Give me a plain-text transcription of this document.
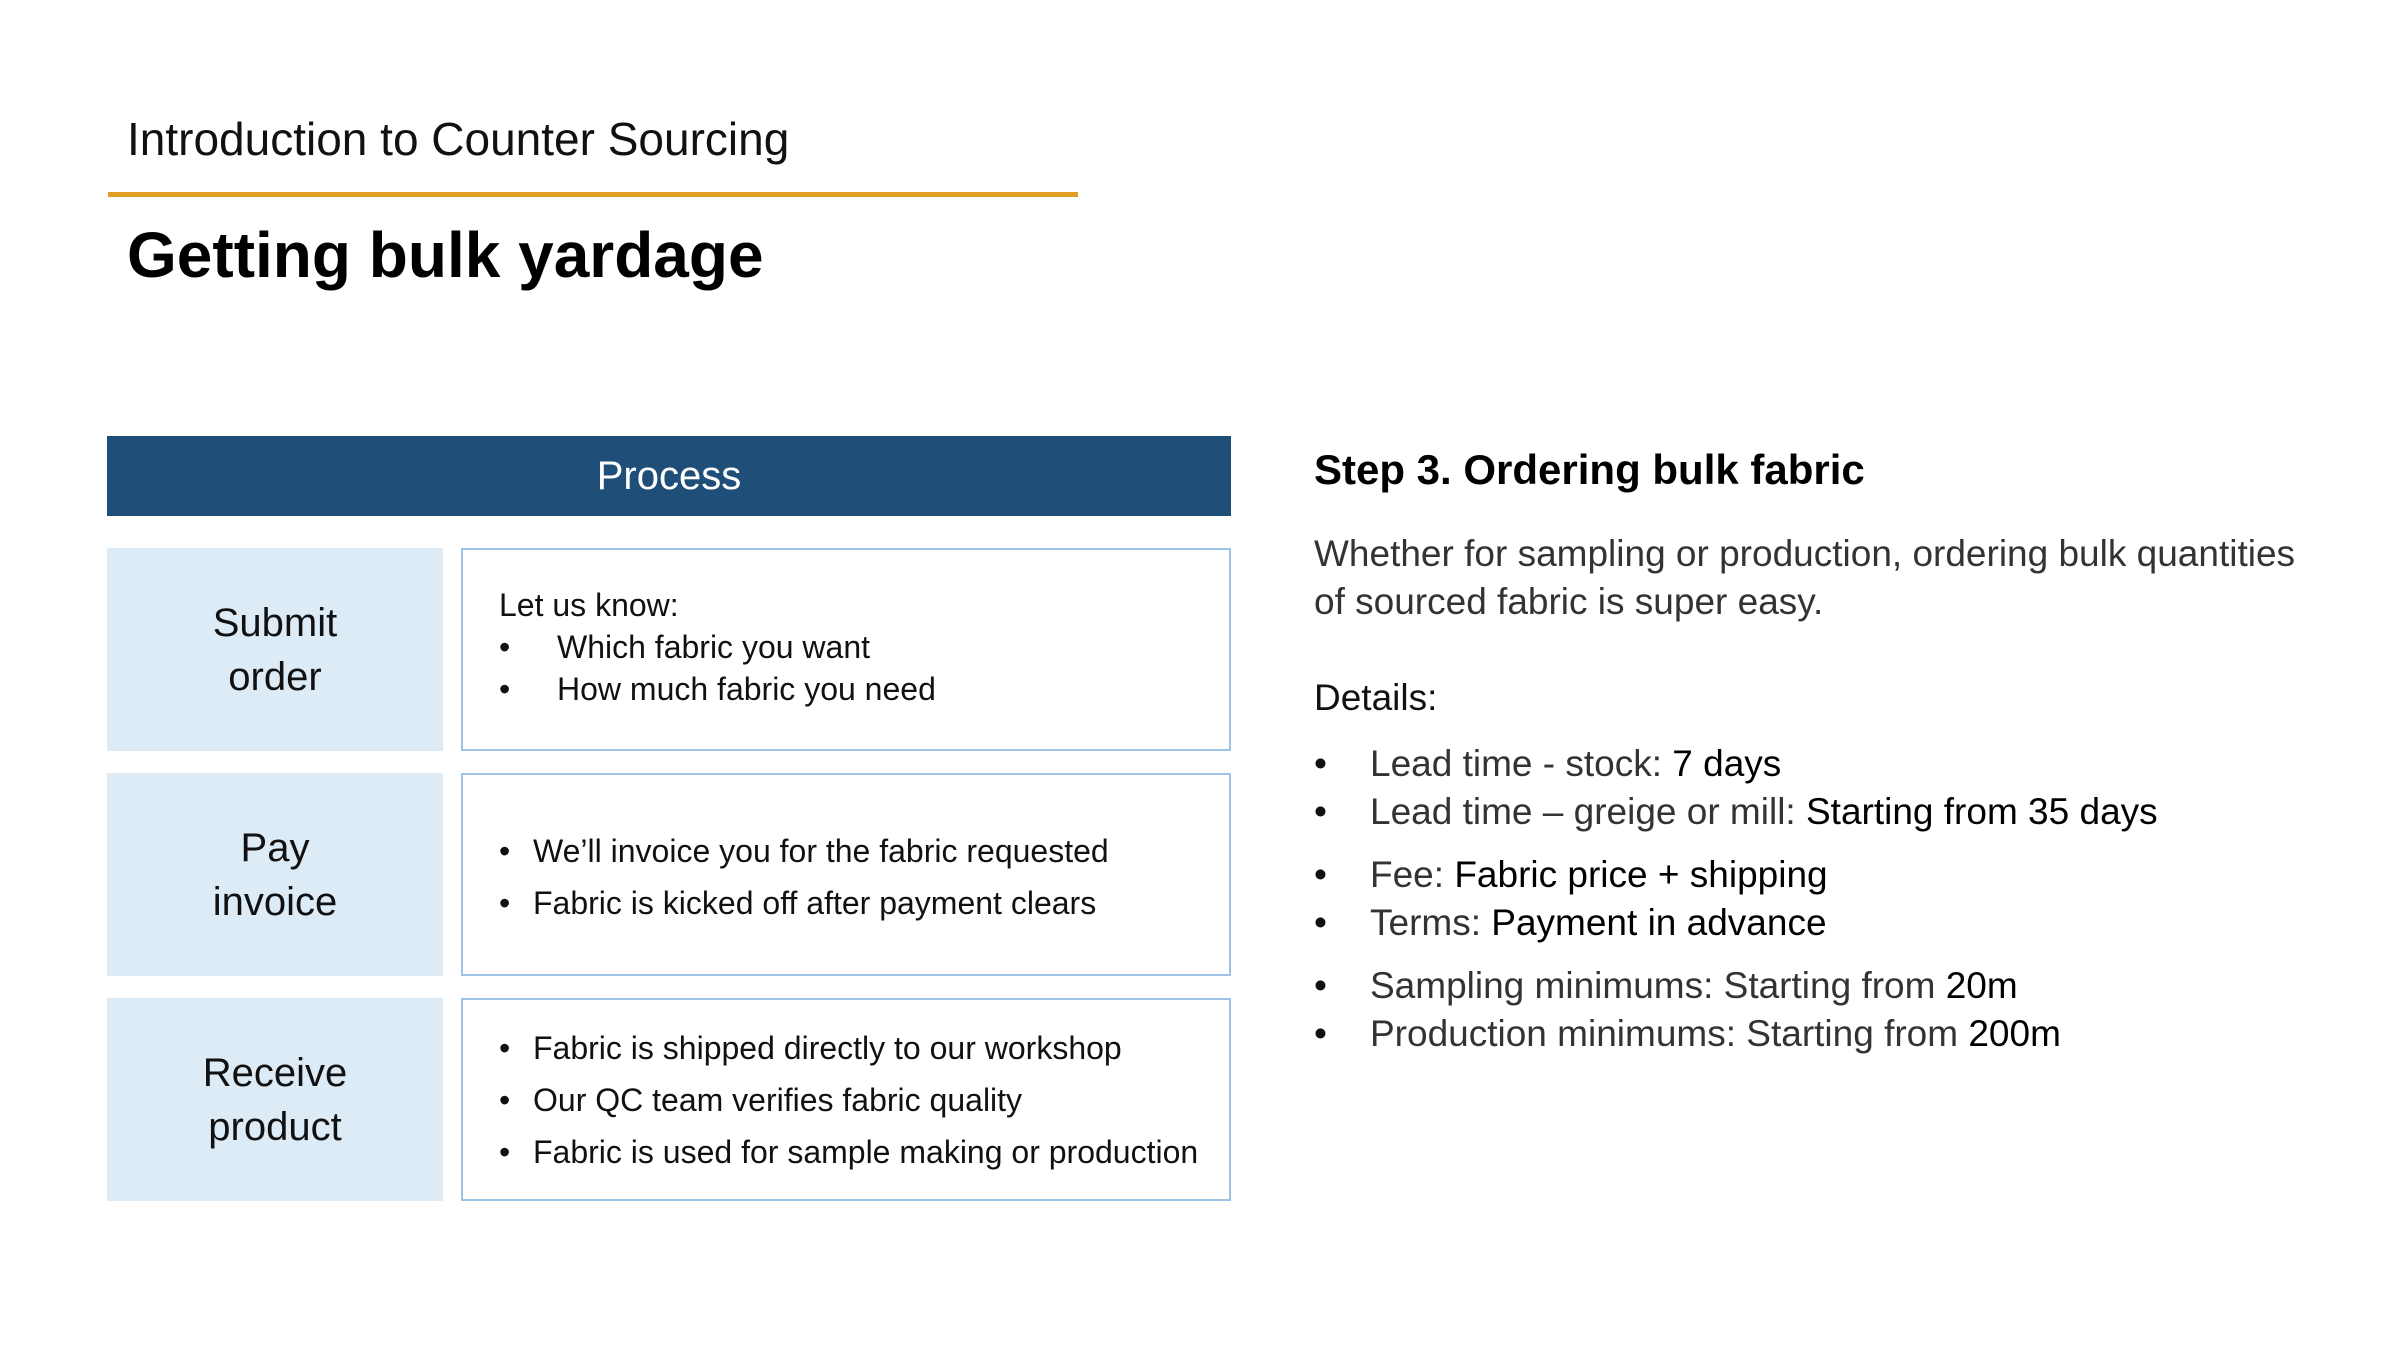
Introduction to Counter Sourcing
Getting bulk yardage
Process
Submit
order
Let us know:
• Which fabric you want
• How much fabric you need
Pay
invoice
• We’ll invoice you for the fabric requested
• Fabric is kicked off after payment clears
Receive
product
• Fabric is shipped directly to our workshop
• Our QC team verifies fabric quality
• Fabric is used for sample making or production
Step 3. Ordering bulk fabric
Whether for sampling or production, ordering bulk quantities of sourced fabric is super easy.
Details:
• Lead time - stock: 7 days
• Lead time – greige or mill: Starting from 35 days
• Fee: Fabric price + shipping
• Terms: Payment in advance
• Sampling minimums: Starting from 20m
• Production minimums: Starting from 200m
